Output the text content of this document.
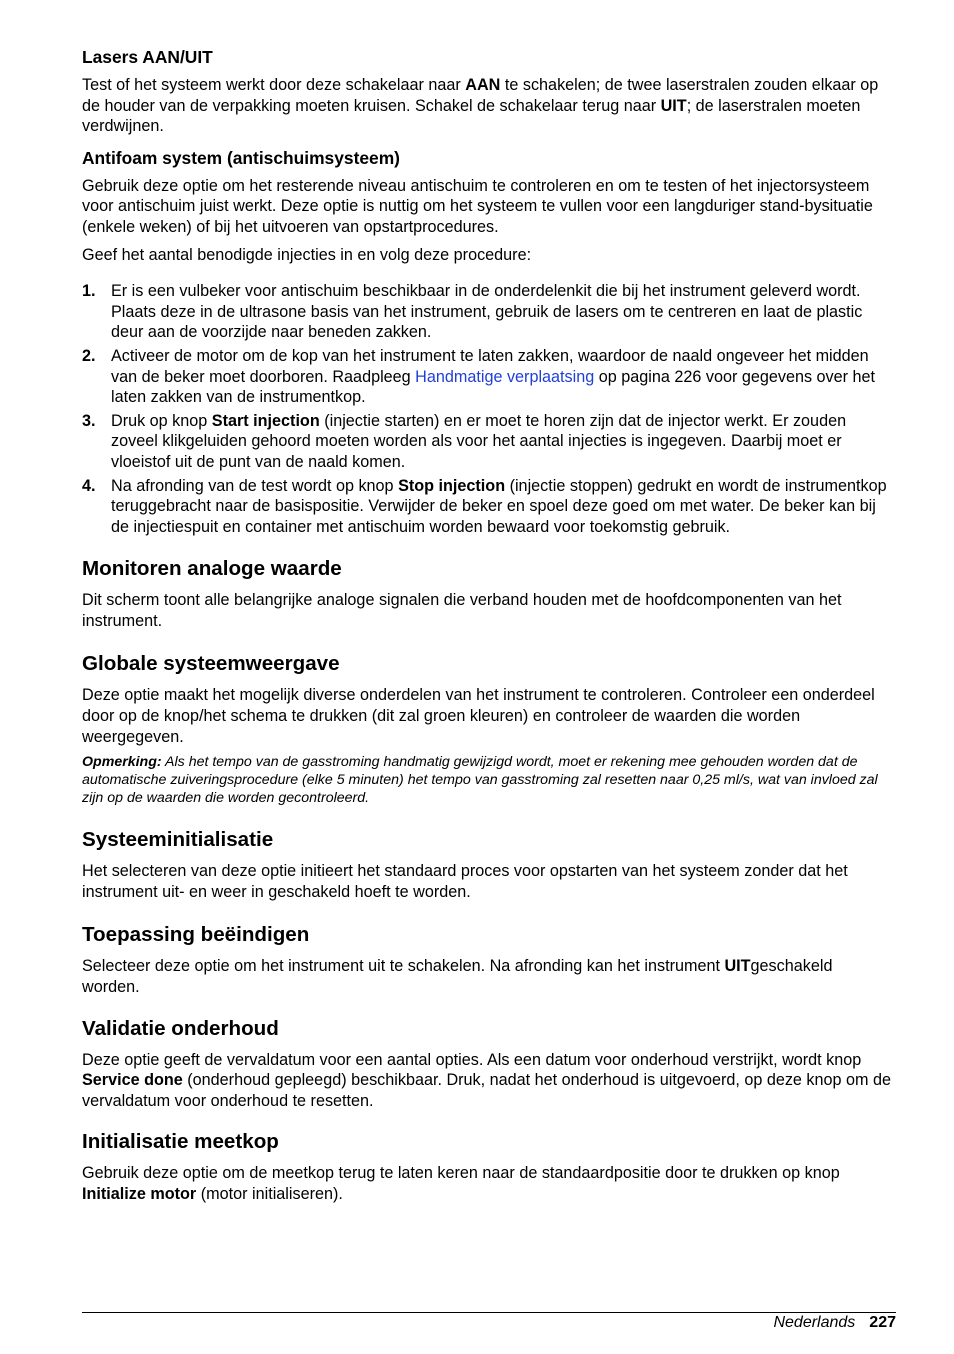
Lasers AAN/UIT

Test of het systeem werkt door deze schakelaar naar AAN te schakelen; de twee laserstralen zouden elkaar op de houder van de verpakking moeten kruisen. Schakel de schakelaar terug naar UIT; de laserstralen moeten verdwijnen.

Antifoam system (antischuimsysteem)

Gebruik deze optie om het resterende niveau antischuim te controleren en om te testen of het injectorsysteem voor antischuim juist werkt. Deze optie is nuttig om het systeem te vullen voor een langduriger stand-bysituatie (enkele weken) of bij het uitvoeren van opstartprocedures.

Geef het aantal benodigde injecties in en volg deze procedure:

1. Er is een vulbeker voor antischuim beschikbaar in de onderdelenkit die bij het instrument geleverd wordt. Plaats deze in de ultrasone basis van het instrument, gebruik de lasers om te centreren en laat de plastic deur aan de voorzijde naar beneden zakken.
2. Activeer de motor om de kop van het instrument te laten zakken, waardoor de naald ongeveer het midden van de beker moet doorboren. Raadpleeg Handmatige verplaatsing op pagina 226 voor gegevens over het laten zakken van de instrumentkop.
3. Druk op knop Start injection (injectie starten) en er moet te horen zijn dat de injector werkt. Er zouden zoveel klikgeluiden gehoord moeten worden als voor het aantal injecties is ingegeven. Daarbij moet er vloeistof uit de punt van de naald komen.
4. Na afronding van de test wordt op knop Stop injection (injectie stoppen) gedrukt en wordt de instrumentkop teruggebracht naar de basispositie. Verwijder de beker en spoel deze goed om met water. De beker kan bij de injectiespuit en container met antischuim worden bewaard voor toekomstig gebruik.
Monitoren analoge waarde

Dit scherm toont alle belangrijke analoge signalen die verband houden met de hoofdcomponenten van het instrument.

Globale systeemweergave

Deze optie maakt het mogelijk diverse onderdelen van het instrument te controleren. Controleer een onderdeel door op de knop/het schema te drukken (dit zal groen kleuren) en controleer de waarden die worden weergegeven.

Opmerking: Als het tempo van de gasstroming handmatig gewijzigd wordt, moet er rekening mee gehouden worden dat de automatische zuiveringsprocedure (elke 5 minuten) het tempo van gasstroming zal resetten naar 0,25 ml/s, wat van invloed zal zijn op de waarden die worden gecontroleerd.

Systeeminitialisatie

Het selecteren van deze optie initieert het standaard proces voor opstarten van het systeem zonder dat het instrument uit- en weer in geschakeld hoeft te worden.

Toepassing beëindigen

Selecteer deze optie om het instrument uit te schakelen. Na afronding kan het instrument UITgeschakeld worden.

Validatie onderhoud

Deze optie geeft de vervaldatum voor een aantal opties. Als een datum voor onderhoud verstrijkt, wordt knop Service done (onderhoud gepleegd) beschikbaar. Druk, nadat het onderhoud is uitgevoerd, op deze knop om de vervaldatum voor onderhoud te resetten.

Initialisatie meetkop

Gebruik deze optie om de meetkop terug te laten keren naar de standaardpositie door te drukken op knop Initialize motor (motor initialiseren).

Nederlands 227
